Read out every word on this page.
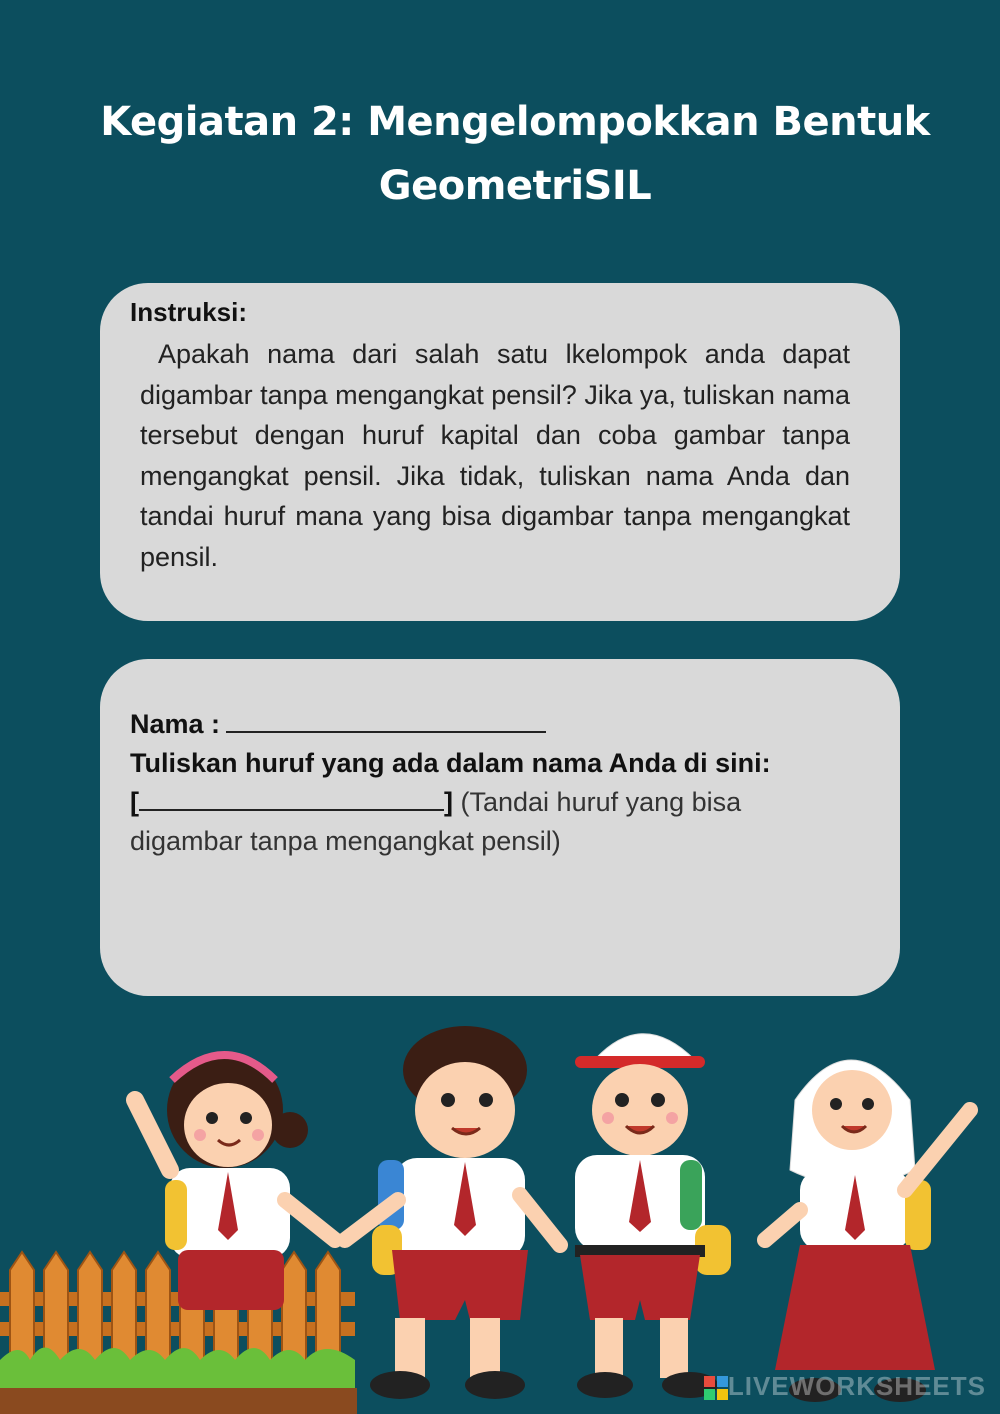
Kegiatan 2: Mengelompokkan Bentuk
GeometriSIL
Instruksi:
Apakah nama dari salah satu lkelompok anda dapat digambar tanpa mengangkat pensil? Jika ya, tuliskan nama tersebut dengan huruf kapital dan coba gambar tanpa mengangkat pensil. Jika tidak, tuliskan nama Anda dan tandai huruf mana yang bisa digambar tanpa mengangkat pensil.
Nama :
Tuliskan huruf yang ada dalam nama Anda di sini:
[	] (Tandai huruf yang bisa digambar tanpa mengangkat pensil)
LIVEWORKSHEETS
